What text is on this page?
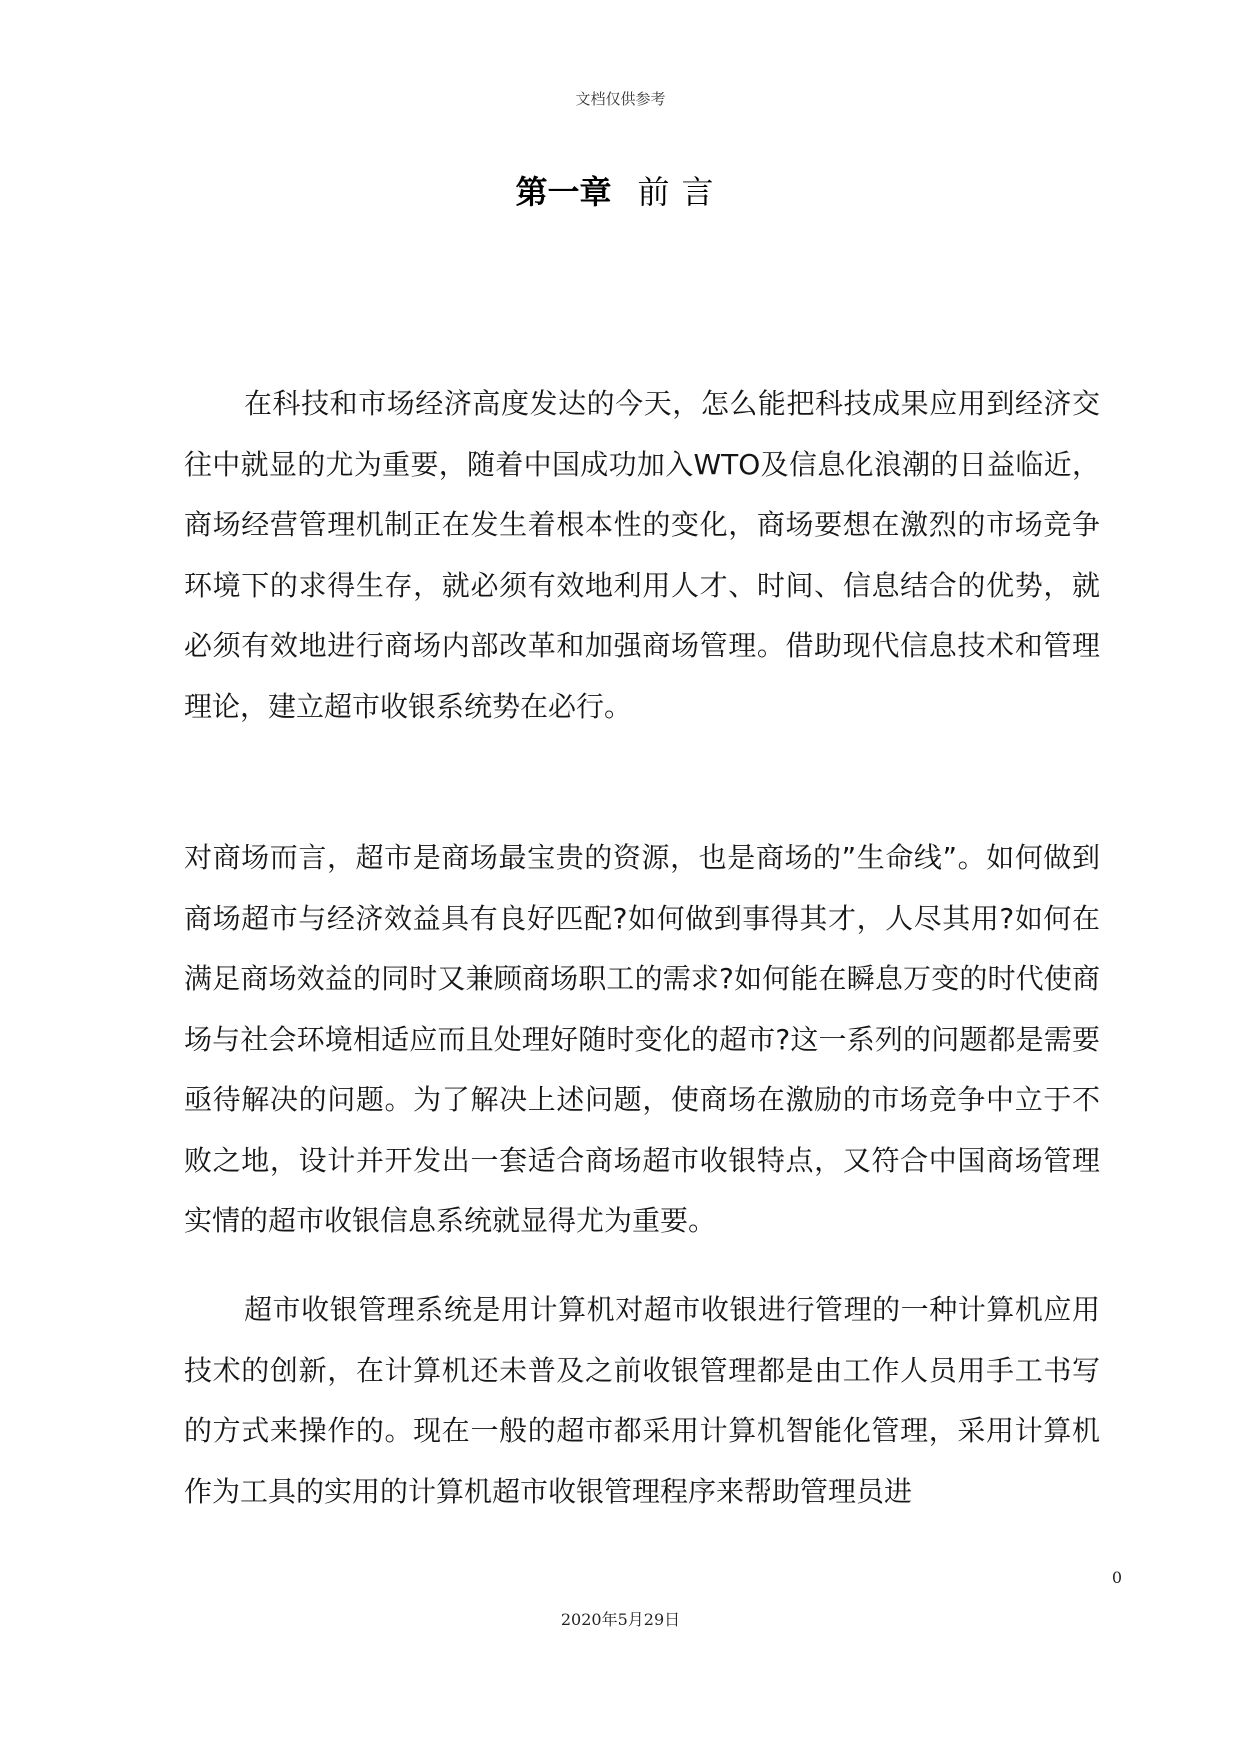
文档仅供参考
第一章 前言

在科技和市场经济高度发达的今天，怎么能把科技成果应用到经济交往中就显的尤为重要，随着中国成功加入WTO及信息化浪潮的日益临近，商场经营管理机制正在发生着根本性的变化，商场要想在激烈的市场竞争环境下的求得生存，就必须有效地利用人才、时间、信息结合的优势，就必须有效地进行商场内部改革和加强商场管理。借助现代信息技术和管理理论，建立超市收银系统势在必行。

对商场而言，超市是商场最宝贵的资源，也是商场的”生命线”。如何做到商场超市与经济效益具有良好匹配?如何做到事得其才，人尽其用?如何在满足商场效益的同时又兼顾商场职工的需求?如何能在瞬息万变的时代使商场与社会环境相适应而且处理好随时变化的超市?这一系列的问题都是需要亟待解决的问题。为了解决上述问题，使商场在激励的市场竞争中立于不败之地，设计并开发出一套适合商场超市收银特点，又符合中国商场管理实情的超市收银信息系统就显得尤为重要。

超市收银管理系统是用计算机对超市收银进行管理的一种计算机应用技术的创新，在计算机还未普及之前收银管理都是由工作人员用手工书写的方式来操作的。现在一般的超市都采用计算机智能化管理，采用计算机作为工具的实用的计算机超市收银管理程序来帮助管理员进

0
2020年5月29日
